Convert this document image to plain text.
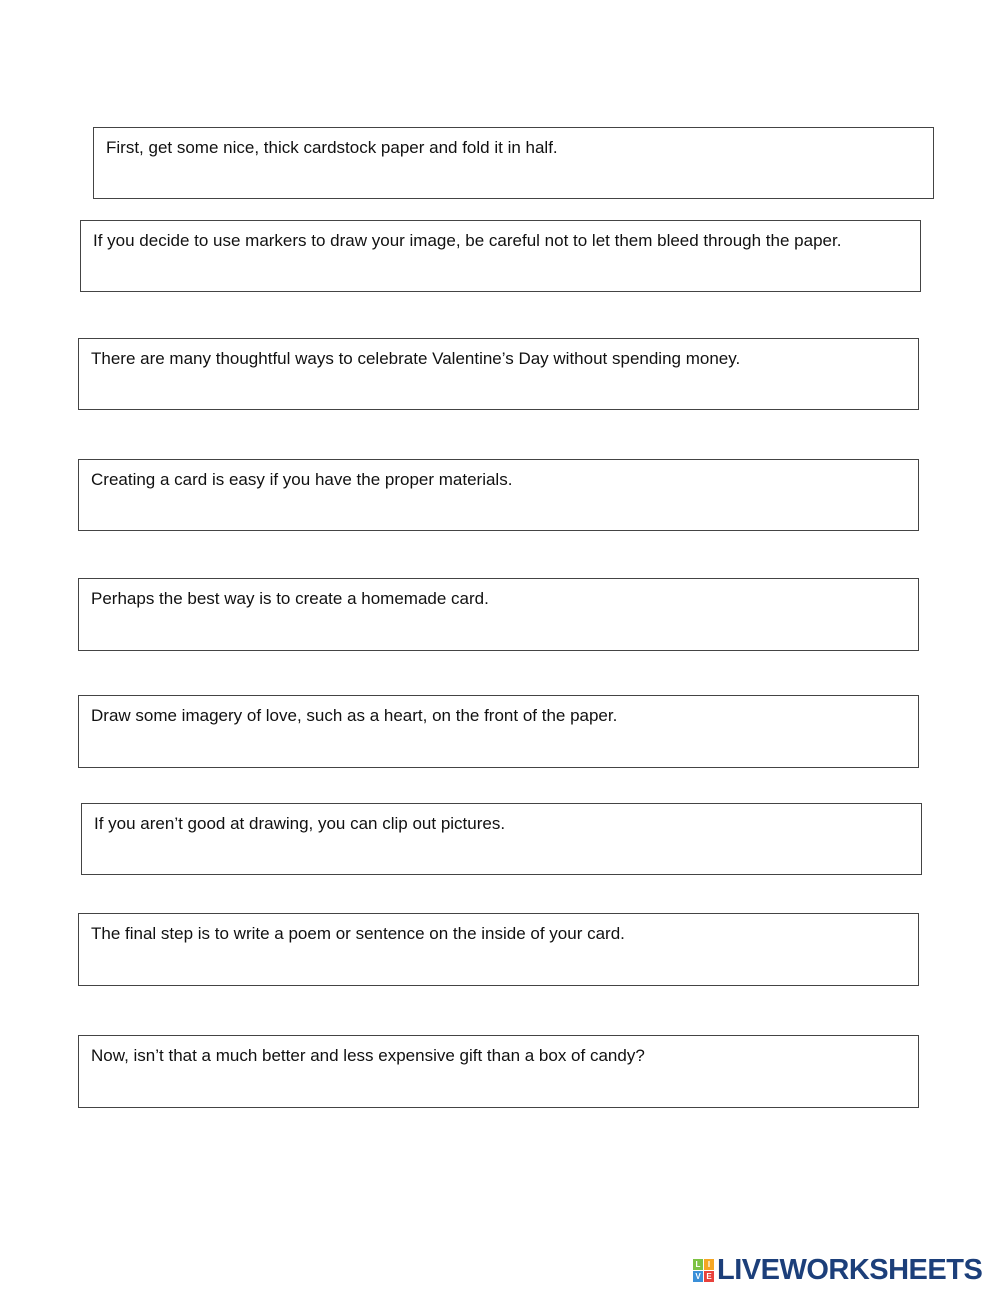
First, get some nice, thick cardstock paper and fold it in half.
If you decide to use markers to draw your image, be careful not to let them bleed through the paper.
There are many thoughtful ways to celebrate Valentine’s Day without spending money.
Creating a card is easy if you have the proper materials.
Perhaps the best way is to create a homemade card.
Draw some imagery of love, such as a heart, on the front of the paper.
If you aren’t good at drawing, you can clip out pictures.
The final step is to write a poem or sentence on the inside of your card.
Now, isn’t that a much better and less expensive gift than a box of candy?
L I
V E LIVEWORKSHEETS
